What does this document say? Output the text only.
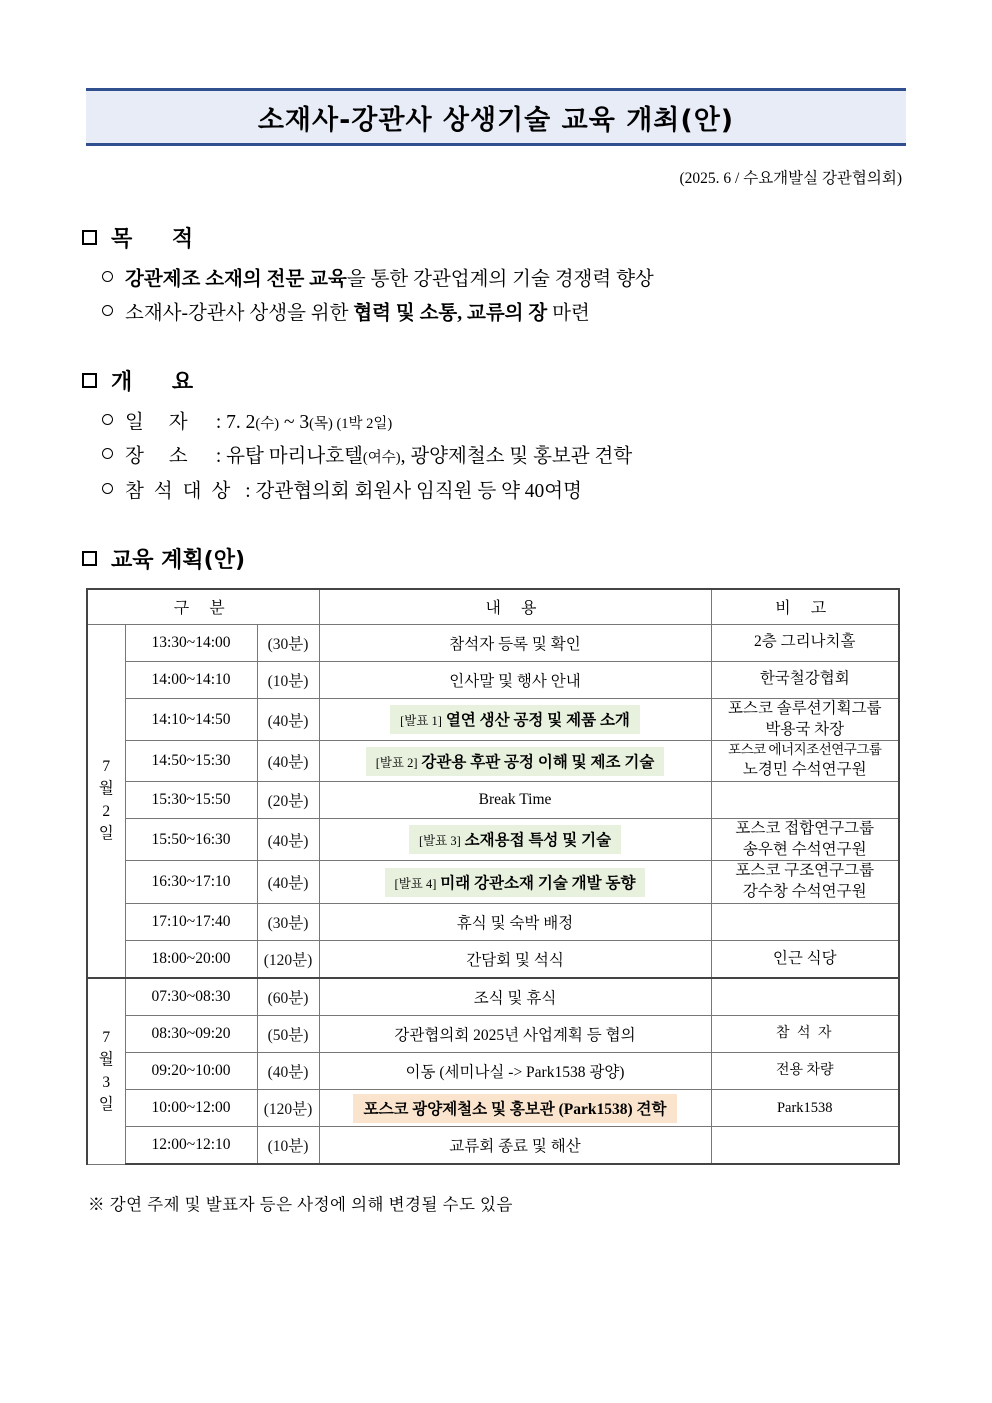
소재사-강관사 상생기술 교육 개최(안)
(2025. 6 / 수요개발실 강관협의회)
목 적
강관제조 소재의 전문 교육을 통한 강관업계의 기술 경쟁력 향상
소재사-강관사 상생을 위한 협력 및 소통, 교류의 장 마련
개 요
일 자 : 7. 2(수) ~ 3(목) (1박 2일)
장 소 : 유탑 마리나호텔(여수), 광양제철소 및 홍보관 견학
참석대상 : 강관협의회 회원사 임직원 등 약 40여명
교육 계획(안)
구 분			내 용	비 고

7
월
2
일	13:30~14:00	(30분)	참석자 등록 및 확인	2층 그리나치홀

	14:00~14:10	(10분)	인사말 및 행사 안내	한국철강협회

	14:10~14:50	(40분)	[발표 1] 열연 생산 공정 및 제품 소개	포스코 솔루션기획그룹
박용국 차장

	14:50~15:30	(40분)	[발표 2] 강관용 후판 공정 이해 및 제조 기술	포스코 에너지조선연구그룹
노경민 수석연구원

	15:30~15:50	(20분)	Break Time	
	15:50~16:30	(40분)	[발표 3] 소재용접 특성 및 기술	포스코 접합연구그룹
송우현 수석연구원

	16:30~17:10	(40분)	[발표 4] 미래 강관소재 기술 개발 동향	포스코 구조연구그룹
강수창 수석연구원

	17:10~17:40	(30분)	휴식 및 숙박 배정	
	18:00~20:00	(120분)	간담회 및 석식	인근 식당

7
월
3
일	07:30~08:30	(60분)	조식 및 휴식	
	08:30~09:20	(50분)	강관협의회 2025년 사업계획 등 협의	참 석 자

	09:20~10:00	(40분)	이동 (세미나실 -> Park1538 광양)	전용 차량

	10:00~12:00	(120분)	포스코 광양제철소 및 홍보관 (Park1538) 견학	Park1538

	12:00~12:10	(10분)	교류회 종료 및 해산	
※ 강연 주제 및 발표자 등은 사정에 의해 변경될 수도 있음
